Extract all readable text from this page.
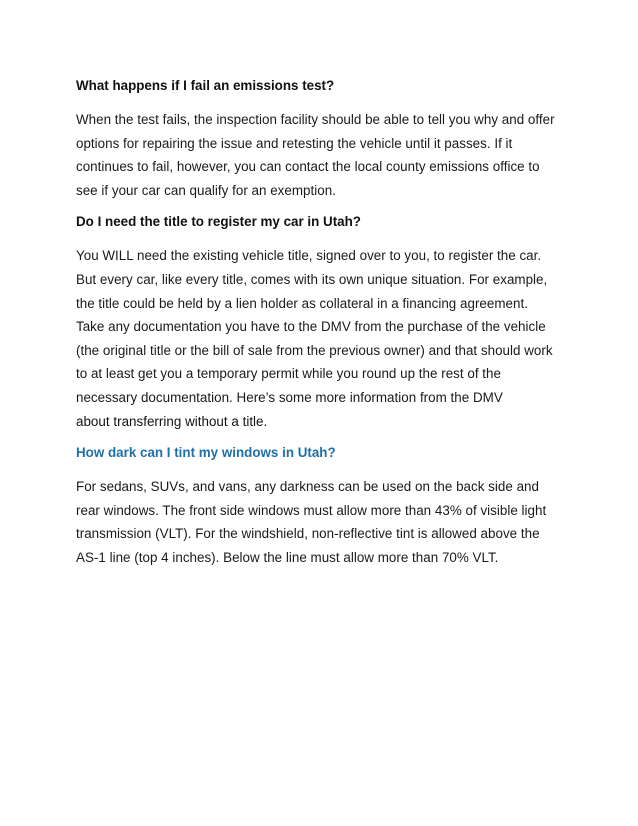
What happens if I fail an emissions test?

When the test fails, the inspection facility should be able to tell you why and offer
options for repairing the issue and retesting the vehicle until it passes. If it
continues to fail, however, you can contact the local county emissions office to
see if your car can qualify for an exemption.

Do I need the title to register my car in Utah?

You WILL need the existing vehicle title, signed over to you, to register the car.
But every car, like every title, comes with its own unique situation. For example,
the title could be held by a lien holder as collateral in a financing agreement.
Take any documentation you have to the DMV from the purchase of the vehicle
(the original title or the bill of sale from the previous owner) and that should work
to at least get you a temporary permit while you round up the rest of the
necessary documentation. Here’s some more information from the DMV
about transferring without a title.

How dark can I tint my windows in Utah?

For sedans, SUVs, and vans, any darkness can be used on the back side and
rear windows. The front side windows must allow more than 43% of visible light
transmission (VLT). For the windshield, non-reflective tint is allowed above the
AS-1 line (top 4 inches). Below the line must allow more than 70% VLT.
